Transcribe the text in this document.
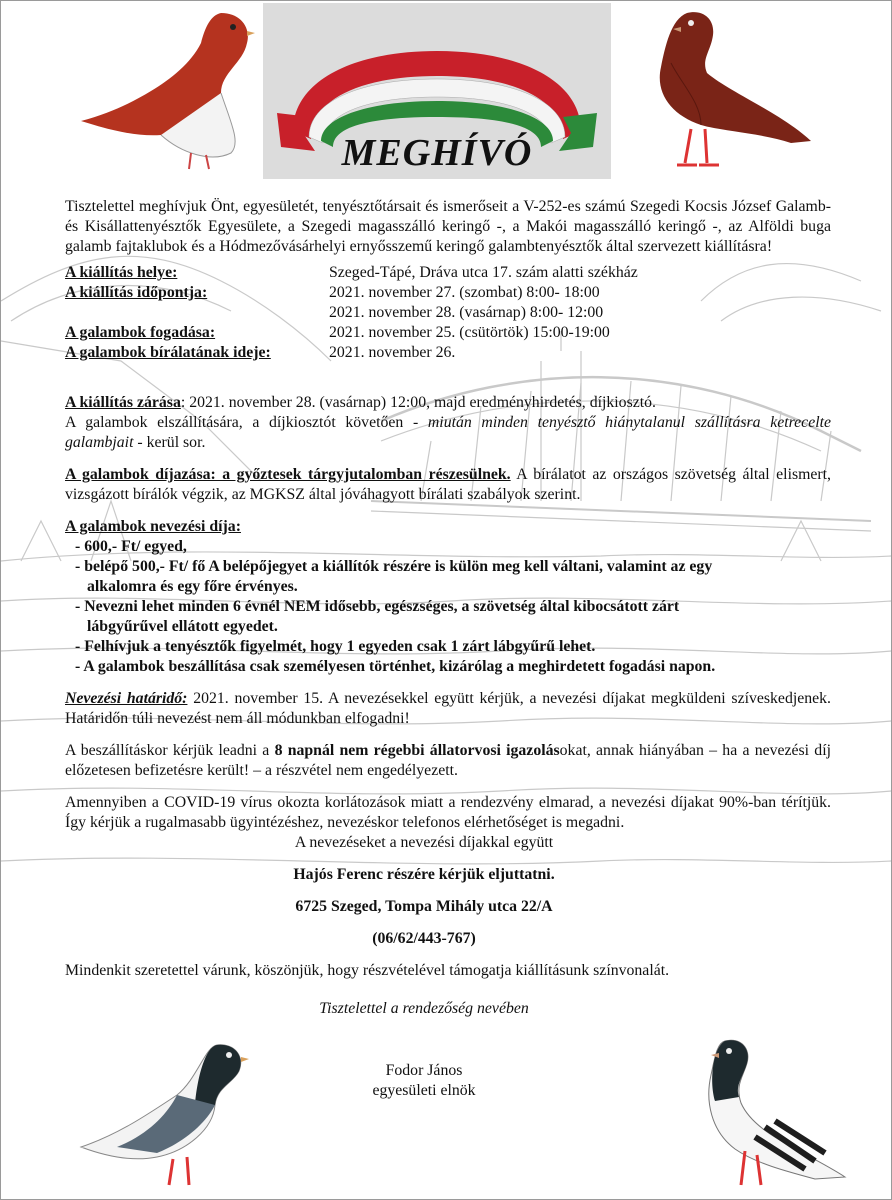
MEGHÍVÓ

Tisztelettel meghívjuk Önt, egyesületét, tenyésztőtársait és ismerőseit a V-252-es számú Szegedi Kocsis József Galamb- és Kisállattenyésztők Egyesülete, a Szegedi magasszálló keringő -, a Makói magasszálló keringő -, az Alföldi buga galamb fajtaklubok és a Hódmezővásárhelyi ernyősszemű keringő galambtenyésztők által szervezett kiállításra!

A kiállítás helye:	Szeged-Tápé, Dráva utca 17. szám alatti székház
A kiállítás időpontja:	2021. november 27. (szombat) 8:00- 18:00
2021. november 28. (vasárnap) 8:00- 12:00
A galambok fogadása:	2021. november 25. (csütörtök) 15:00-19:00
A galambok bírálatának ideje:	2021. november 26.

A kiállítás zárása: 2021. november 28. (vasárnap) 12:00, majd eredményhirdetés, díjkiosztó.
A galambok elszállítására, a díjkiosztót követően - miután minden tenyésztő hiánytalanul szállításra ketrecelte galambjait - kerül sor.

A galambok díjazása: a győztesek tárgyjutalomban részesülnek. A bírálatot az országos szövetség által elismert, vizsgázott bírálók végzik, az MGKSZ által jóváhagyott bírálati szabályok szerint.

A galambok nevezési díja:

- 600,- Ft/ egyed,

- belépő 500,- Ft/ fő A belépőjegyet a kiállítók részére is külön meg kell váltani, valamint az egy
alkalomra és egy főre érvényes.

- Nevezni lehet minden 6 évnél NEM idősebb, egészséges, a szövetség által kibocsátott zárt
lábgyűrűvel ellátott egyedet.

- Felhívjuk a tenyésztők figyelmét, hogy 1 egyeden csak 1 zárt lábgyűrű lehet.

- A galambok beszállítása csak személyesen történhet, kizárólag a meghirdetett fogadási napon.

Nevezési határidő: 2021. november 15. A nevezésekkel együtt kérjük, a nevezési díjakat megküldeni szíveskedjenek. Határidőn túli nevezést nem áll módunkban elfogadni!

A beszállításkor kérjük leadni a 8 napnál nem régebbi állatorvosi igazolásokat, annak hiányában – ha a nevezési díj előzetesen befizetésre került! – a részvétel nem engedélyezett.

Amennyiben a COVID-19 vírus okozta korlátozások miatt a rendezvény elmarad, a nevezési díjakat 90%-ban térítjük. Így kérjük a rugalmasabb ügyintézéshez, nevezéskor telefonos elérhetőséget is megadni.

A nevezéseket a nevezési díjakkal együtt

Hajós Ferenc részére kérjük eljuttatni.

6725 Szeged, Tompa Mihály utca 22/A

(06/62/443-767)

Mindenkit szeretettel várunk, köszönjük, hogy részvételével támogatja kiállításunk színvonalát.

Tisztelettel a rendezőség nevében

Fodor János

egyesületi elnök
